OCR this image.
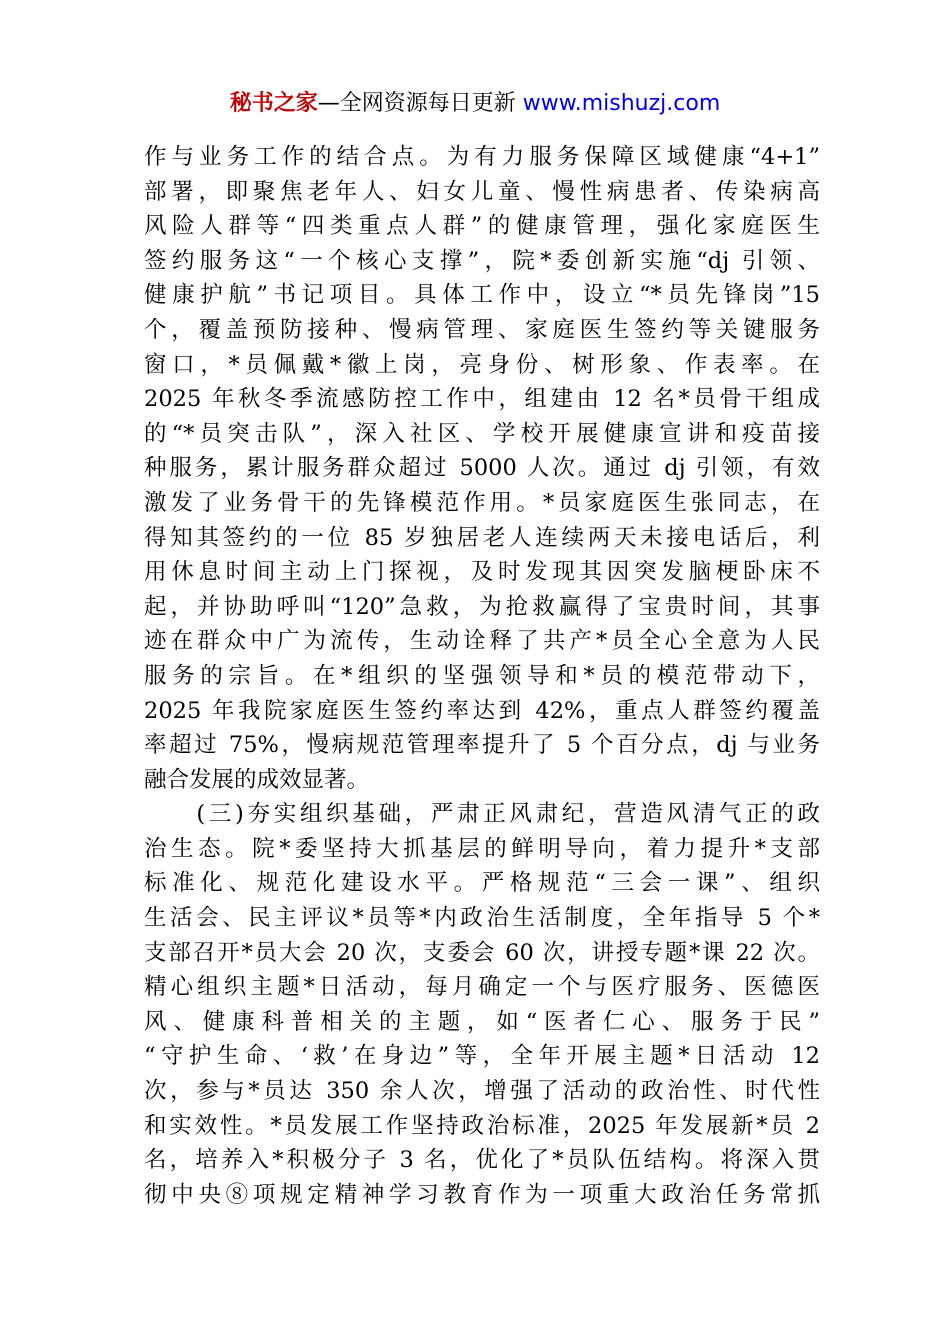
秘书之家—全网资源每日更新 www.mishuzj.com
作与业务工作的结合点。为有力服务保障区域健康“4+1”
部署，即聚焦老年人、妇女儿童、慢性病患者、传染病高
风险人群等“四类重点人群”的健康管理，强化家庭医生
签约服务这“一个核心支撑”，院*委创新实施“dj 引领、
健康护航”书记项目。具体工作中，设立“*员先锋岗”15
个，覆盖预防接种、慢病管理、家庭医生签约等关键服务
窗口，*员佩戴*徽上岗，亮身份、树形象、作表率。在
2025 年秋冬季流感防控工作中，组建由 12 名*员骨干组成
的“*员突击队”，深入社区、学校开展健康宣讲和疫苗接
种服务，累计服务群众超过 5000 人次。通过 dj 引领，有效
激发了业务骨干的先锋模范作用。*员家庭医生张同志，在
得知其签约的一位 85 岁独居老人连续两天未接电话后，利
用休息时间主动上门探视，及时发现其因突发脑梗卧床不
起，并协助呼叫“120”急救，为抢救赢得了宝贵时间，其事
迹在群众中广为流传，生动诠释了共产*员全心全意为人民
服务的宗旨。在*组织的坚强领导和*员的模范带动下，
2025 年我院家庭医生签约率达到 42%，重点人群签约覆盖
率超过 75%，慢病规范管理率提升了 5 个百分点，dj 与业务
融合发展的成效显著。
　　(三)夯实组织基础，严肃正风肃纪，营造风清气正的政
治生态。院*委坚持大抓基层的鲜明导向，着力提升*支部
标准化、规范化建设水平。严格规范“三会一课”、组织
生活会、民主评议*员等*内政治生活制度，全年指导 5 个*
支部召开*员大会 20 次，支委会 60 次，讲授专题*课 22 次。
精心组织主题*日活动，每月确定一个与医疗服务、医德医
风、健康科普相关的主题，如“医者仁心、服务于民”
“守护生命、‘救’在身边”等，全年开展主题*日活动 12
次，参与*员达 350 余人次，增强了活动的政治性、时代性
和实效性。*员发展工作坚持政治标准，2025 年发展新*员 2
名，培养入*积极分子 3 名，优化了*员队伍结构。将深入贯
彻中央⑧项规定精神学习教育作为一项重大政治任务常抓
